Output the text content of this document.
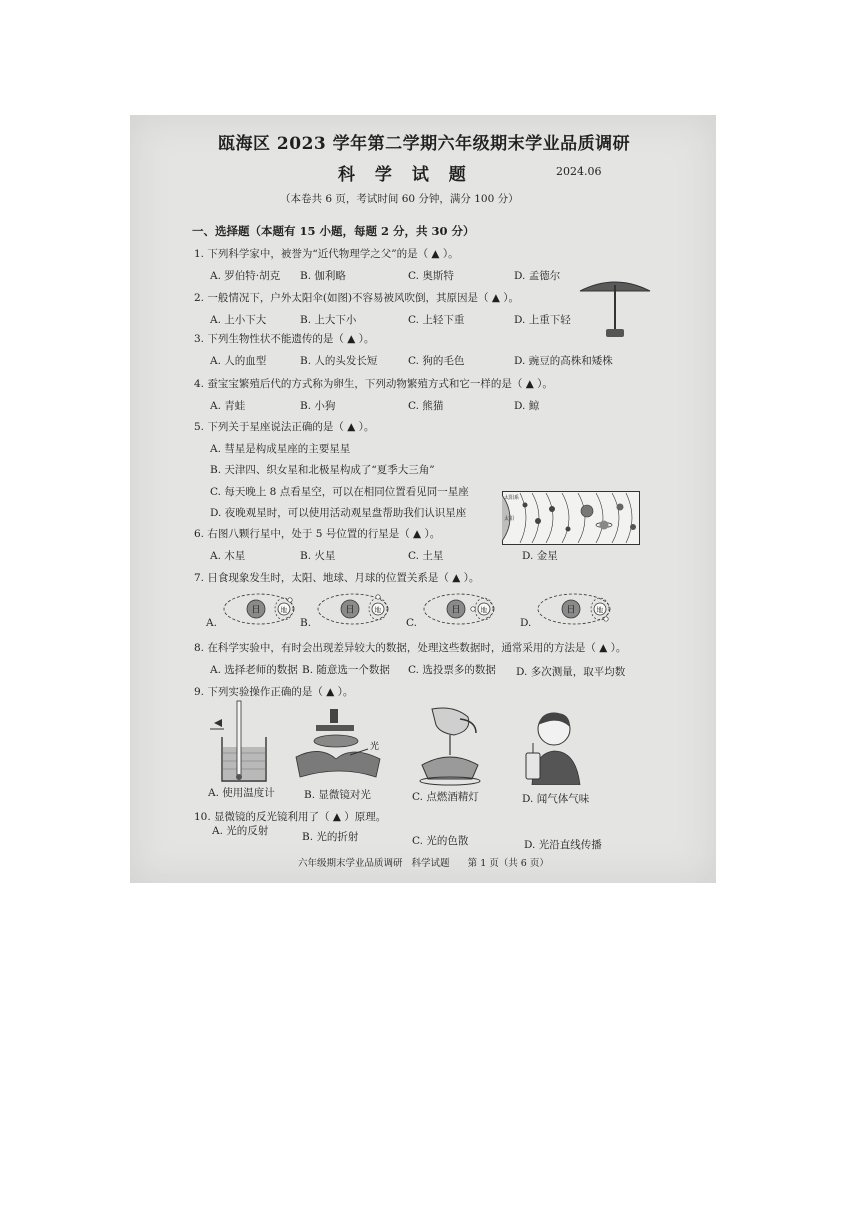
瓯海区 2023 学年第二学期六年级期末学业品质调研
科 学 试 题	2024.06
（本卷共 6 页，考试时间 60 分钟，满分 100 分）
一、选择题（本题有 15 小题，每题 2 分，共 30 分）
1. 下列科学家中，被誉为“近代物理学之父”的是（ ▲ ）。
A. 罗伯特·胡克 B. 伽利略	C. 奥斯特	D. 孟德尔
2. 一般情况下，户外太阳伞(如图)不容易被风吹倒，其原因是（ ▲ ）。
A. 上小下大	B. 上大下小	C. 上轻下重	D. 上重下轻
3. 下列生物性状不能遗传的是（ ▲ ）。
A. 人的血型	B. 人的头发长短	C. 狗的毛色	D. 豌豆的高株和矮株
4. 蚕宝宝繁殖后代的方式称为卵生，下列动物繁殖方式和它一样的是（ ▲ ）。
A. 青蛙	B. 小狗	C. 熊猫	D. 鲸
5. 下列关于星座说法正确的是（ ▲ ）。
A. 彗星是构成星座的主要星星
B. 天津四、织女星和北极星构成了“夏季大三角”
C. 每天晚上 8 点看星空，可以在相同位置看见同一星座
D. 夜晚观星时，可以使用活动观星盘帮助我们认识星座
太阳系
太阳
6. 右图八颗行星中，处于 5 号位置的行星是（ ▲ ）。
A. 木星	B. 火星	C. 土星	D. 金星
7. 日食现象发生时，太阳、地球、月球的位置关系是（ ▲ ）。
A.
日	地
B.
日	地
C.
日	地
D.
日	地
8. 在科学实验中，有时会出现差异较大的数据，处理这些数据时，通常采用的方法是（ ▲ ）。
A. 选择老师的数据 B. 随意选一个数据 C. 选投票多的数据 D. 多次测量，取平均数
9. 下列实验操作正确的是（ ▲ ）。
光
A. 使用温度计	B. 显微镜对光	C. 点燃酒精灯	D. 闻气体气味
10. 显微镜的反光镜利用了（ ▲ ）原理。
A. 光的反射	B. 光的折射	C. 光的色散	D. 光沿直线传播
六年级期末学业品质调研   科学试题      第 1 页（共 6 页）
